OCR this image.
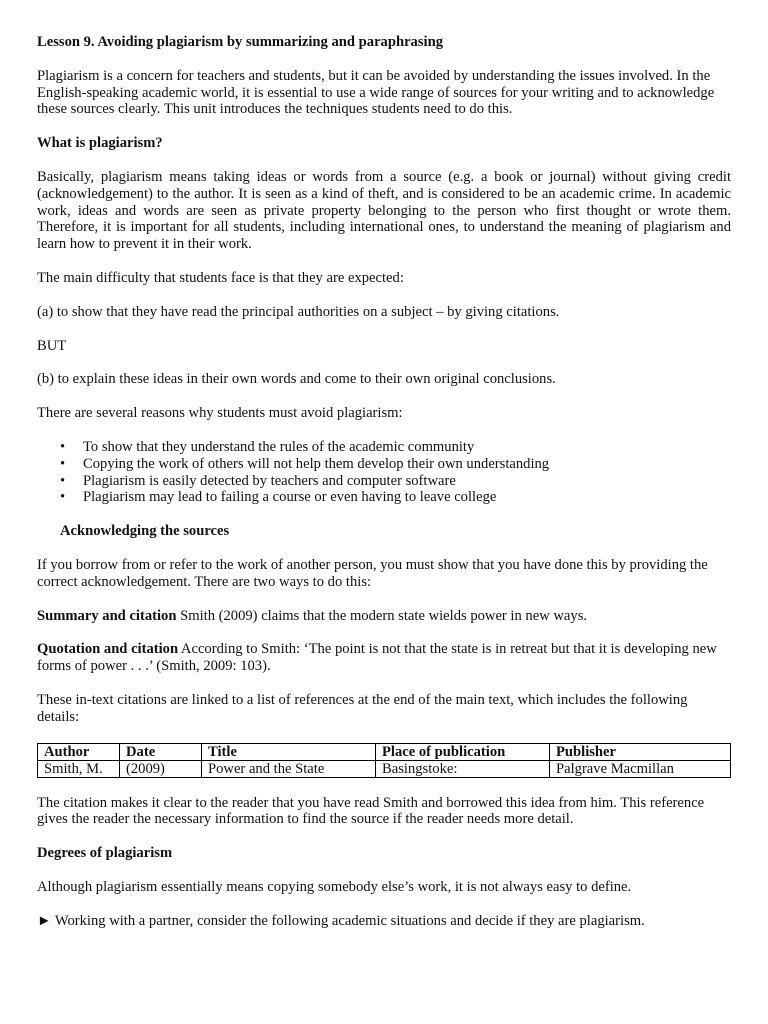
Lesson 9. Avoiding plagiarism by summarizing and paraphrasing

Plagiarism is a concern for teachers and students, but it can be avoided by understanding the issues involved. In the English-speaking academic world, it is essential to use a wide range of sources for your writing and to acknowledge these sources clearly. This unit introduces the techniques students need to do this.

What is plagiarism?

Basically, plagiarism means taking ideas or words from a source (e.g. a book or journal) without giving credit (acknowledgement) to the author. It is seen as a kind of theft, and is considered to be an academic crime. In academic work, ideas and words are seen as private property belonging to the person who first thought or wrote them. Therefore, it is important for all students, including international ones, to understand the meaning of plagiarism and learn how to prevent it in their work.

The main difficulty that students face is that they are expected:

(a) to show that they have read the principal authorities on a subject – by giving citations.

BUT

(b) to explain these ideas in their own words and come to their own original conclusions.

There are several reasons why students must avoid plagiarism:

• To show that they understand the rules of the academic community
• Copying the work of others will not help them develop their own understanding
• Plagiarism is easily detected by teachers and computer software
• Plagiarism may lead to failing a course or even having to leave college

Acknowledging the sources

If you borrow from or refer to the work of another person, you must show that you have done this by providing the correct acknowledgement. There are two ways to do this:

Summary and citation Smith (2009) claims that the modern state wields power in new ways.

Quotation and citation According to Smith: ‘The point is not that the state is in retreat but that it is developing new forms of power . . .’ (Smith, 2009: 103).

These in-text citations are linked to a list of references at the end of the main text, which includes the following details:

Author	Date	Title	Place of publication	Publisher
Smith, M.	(2009)	Power and the State	Basingstoke:	Palgrave Macmillan

The citation makes it clear to the reader that you have read Smith and borrowed this idea from him. This reference gives the reader the necessary information to find the source if the reader needs more detail.

Degrees of plagiarism

Although plagiarism essentially means copying somebody else’s work, it is not always easy to define.

► Working with a partner, consider the following academic situations and decide if they are plagiarism.
